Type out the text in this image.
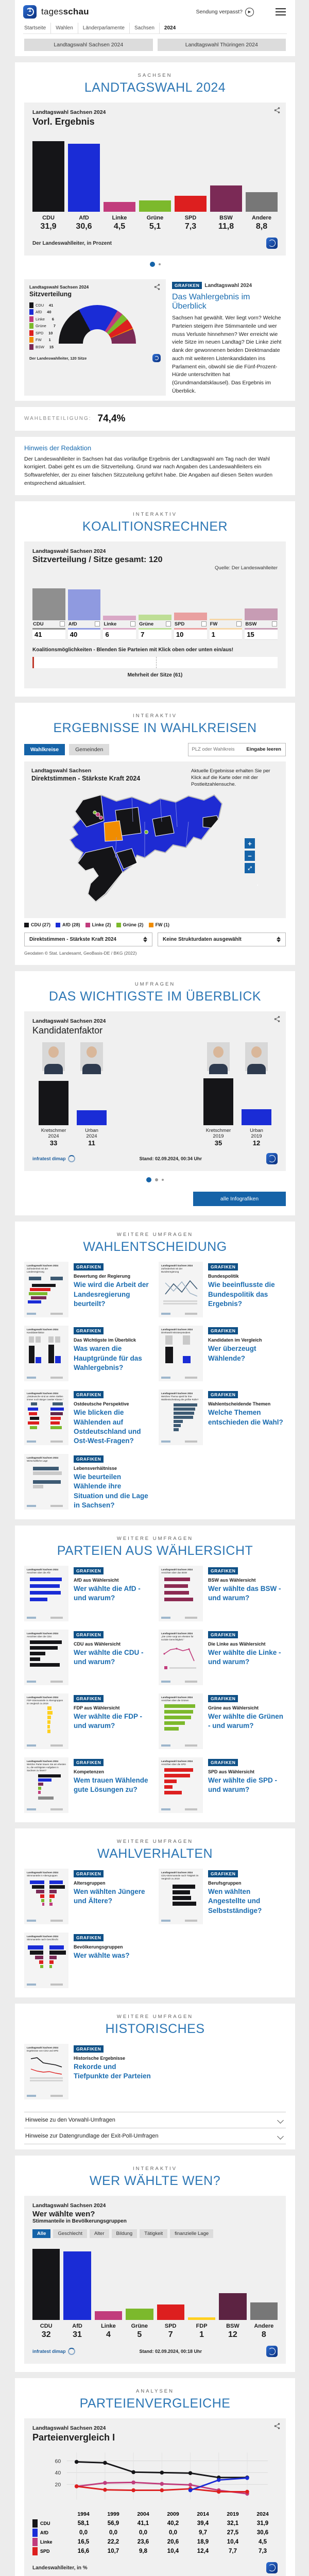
1
tagesschau	Sendung verpasst?	▶
Startseite	Wahlen	Länderparlamente	Sachsen	2024
Landtagswahl Sachsen 2024	Landtagswahl Thüringen 2024
SACHSEN
LANDTAGSWAHL 2024
Landtagswahl Sachsen 2024
Vorl. Ergebnis
CDU
31,9
AfD
30,6
Linke
4,5
Grüne
5,1
SPD
7,3
BSW
11,8
Andere
8,8
Der Landeswahlleiter, in Prozent
Landtagswahl Sachsen 2024
Sitzverteilung
CDU	41
AfD	40
Linke	6
Grüne	7
SPD	10
FW	1
BSW	15
Der Landeswahlleiter, 120 Sitze
GRAFIKEN Landtagswahl 2024
Das Wahlergebnis im Überblick

Sachsen hat gewählt. Wer liegt vorn? Welche Parteien steigern ihre Stimmanteile und wer muss Verluste hinnehmen? Wer erreicht wie viele Sitze im neuen Landtag? Die Linke zieht dank der gewonnenen beiden Direktmandate auch mit weiteren Listenkandidaten ins Parlament ein, obwohl sie die Fünf-Prozent-Hürde unterschritten hat (Grundmandatsklausel). Das Ergebnis im Überblick.

WAHLBETEILIGUNG: 74,4%
Hinweis der Redaktion

Der Landeswahlleiter in Sachsen hat das vorläufige Ergebnis der Landtagswahl am Tag nach der Wahl korrigiert. Dabei geht es um die Sitzverteilung. Grund war nach Angaben des Landeswahlleiters ein Softwarefehler, der zu einer falschen Sitzzuteilung geführt habe. Die Angaben auf diesen Seiten wurden entsprechend aktualisiert.

INTERAKTIV
KOALITIONSRECHNER
Landtagswahl Sachsen 2024
Sitzverteilung / Sitze gesamt: 120
Quelle: Der Landeswahlleiter
CDU
41
AfD
40
Linke
6
Grüne
7
SPD
10
FW
1
BSW
15
Koalitionsmöglichkeiten - Blenden Sie Parteien mit Klick oben oder unten ein/aus!
Mehrheit der Sitze (61)
INTERAKTIV
ERGEBNISSE IN WAHLKREISEN
Wahlkreise	Gemeinden
PLZ oder Wahlkreis	Eingabe leeren
Landtagswahl Sachsen
Direktstimmen - Stärkste Kraft 2024
Aktuelle Ergebnisse erhalten Sie per Klick auf die Karte oder mit der Postleitzahlensuche.
+
−
⤢
CDU (27)	AfD (28)	Linke (2)	Grüne (2)	FW (1)
Direktstimmen - Stärkste Kraft 2024	Keine Strukturdaten ausgewählt
Geodaten © Stat. Landesamt, GeoBasis-DE / BKG (2022)
UMFRAGEN
DAS WICHTIGSTE IM ÜBERBLICK
Landtagswahl Sachsen 2024
Kandidatenfaktor
Kretschmer
2024
33
Urban
2024
11
Kretschmer
2019
35
Urban
2019
12
infratest dimap	Stand: 02.09.2024, 00:34 Uhr
alle Infografiken
WEITERE UMFRAGEN
WAHLENTSCHEIDUNG
Landtagswahl Sachsen 2024
Zufriedenheit mit der Landesregierung
GRAFIKEN
Bewertung der Regierung
Wie wird die Arbeit der Landesregierung beurteilt?
Landtagswahl Sachsen 2024
Zufriedenheit mit der Bundesregierung
GRAFIKEN
Bundespolitik
Wie beeinflusste die Bundespolitik das Ergebnis?
Landtagswahl Sachsen 2024
Kandidatenfaktor	GRAFIKEN
Das Wichtigste im Überblick
Was waren die Hauptgründe für das Wahlergebnis?
Landtagswahl Sachsen 2024
Direktwahl Ministerpräsident	GRAFIKEN
Kandidaten im Vergleich
Wer überzeugt Wählende?
Landtagswahl Sachsen 2024
„Ostdeutsche sind an vielen Stellen immer noch Bürger zweiter Klasse.“
GRAFIKEN
Ostdeutsche Perspektive
Wie blicken die Wählenden auf Ostdeutschland und Ost-West-Fragen?
Landtagswahl Sachsen 2024
Welches Thema spielt für Ihre Wahlentscheidung die größte Rolle?
GRAFIKEN
Wahlentscheidende Themen
Welche Themen entschieden die Wahl?
Landtagswahl Sachsen 2024
Wirtschaftliche Lage	GRAFIKEN
Lebensverhältnisse
Wie beurteilen Wählende ihre Situation und die Lage in Sachsen?
WEITERE UMFRAGEN
PARTEIEN AUS WÄHLERSICHT
Landtagswahl Sachsen 2024
Ansichten über die AfD	GRAFIKEN
AfD aus Wählersicht
Wer wählte die AfD - und warum?
Landtagswahl Sachsen 2024
Ansichten über das BSW	GRAFIKEN
BSW aus Wählersicht
Wer wählte das BSW - und warum?
Landtagswahl Sachsen 2024
Ansichten über die CDU	GRAFIKEN
CDU aus Wählersicht
Wer wählte die CDU - und warum?
Landtagswahl Sachsen 2024
„Die Linke sorgt am ehesten für soziale Gerechtigkeit.“
GRAFIKEN
Die Linke aus Wählersicht
Wer wählte die Linke - und warum?
Landtagswahl Sachsen 2024
FDP-Stimmanteile in Altersgruppen im Vergleich zu 2019
GRAFIKEN
FDP aus Wählersicht
Wer wählte die FDP - und warum?
Landtagswahl Sachsen 2024
Ansichten über die Grünen	GRAFIKEN
Grüne aus Wählersicht
Wer wählte die Grünen - und warum?
Landtagswahl Sachsen 2024
Welcher Partei trauen Sie am ehesten zu, die wichtigsten Aufgaben in Sachsen zu lösen?
GRAFIKEN
Kompetenzen
Wem trauen Wählende gute Lösungen zu?
Landtagswahl Sachsen 2024
Ansichten über die SPD	GRAFIKEN
SPD aus Wählersicht
Wer wählte die SPD - und warum?
WEITERE UMFRAGEN
WAHLVERHALTEN
Landtagswahl Sachsen 2024
Stimmanteile in Altersgruppen	GRAFIKEN
Altersgruppen
Wen wählten Jüngere und Ältere?
Landtagswahl Sachsen 2024
CDU-Stimmanteile nach Tätigkeit im Vergleich zu 2019
GRAFIKEN
Berufsgruppen
Wen wählten Angestellte und Selbstständige?
Landtagswahl Sachsen 2024
Stimmanteile nach Geschlecht	GRAFIKEN
Bevölkerungsgruppen
Wer wählte was?
WEITERE UMFRAGEN
HISTORISCHES
Landtagswahl Sachsen 2024
Ergebnisse von CDU und SPD	GRAFIKEN
Historische Ergebnisse
Rekorde und Tiefpunkte der Parteien
Hinweise zu den Vorwahl-Umfragen
Hinweise zur Datengrundlage der Exit-Poll-Umfragen
INTERAKTIV
WER WÄHLTE WEN?
Landtagswahl Sachsen 2024
Wer wählte wen?
Stimmanteile in Bevölkerungsgruppen
Alle	Geschlecht	Alter	Bildung	Tätigkeit	finanzielle Lage
CDU
32
AfD
31
Linke
4
Grüne
5
SPD
7
FDP
1
BSW
12
Andere
8
infratest dimap	Stand: 02.09.2024, 00:18 Uhr
ANALYSEN
PARTEIENVERGLEICHE
Landtagswahl Sachsen 2024
Parteienvergleich I
60
40
20
1994	1999	2004	2009	2014	2019	2024
CDU	58,1	56,9	41,1	40,2	39,4	32,1	31,9
AfD	0,0	0,0	0,0	0,0	9,7	27,5	30,6
Linke	16,5	22,2	23,6	20,6	18,9	10,4	4,5
SPD	16,6	10,7	9,8	10,4	12,4	7,7	7,3
Landeswahlleiter, in %
